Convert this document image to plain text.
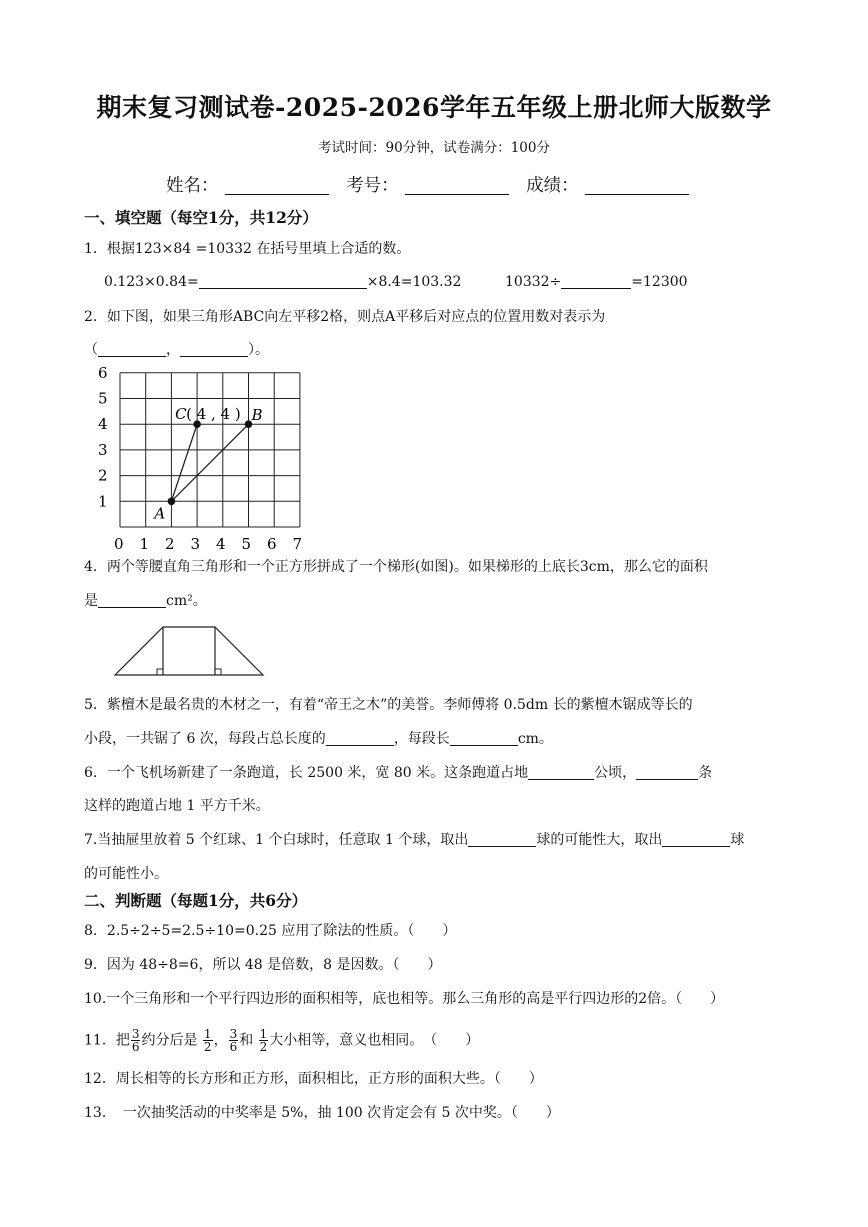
期末复习测试卷-2025-2026学年五年级上册北师大版数学
考试时间：90分钟，试卷满分：100分
姓名：	考号：	成绩：
一、填空题（每空1分，共12分）
1．根据123×84 =10332 在括号里填上合适的数。
0.123×0.84=	×8.4=103.32	10332÷	=12300
2．如下图，如果三角形ABC向左平移2格，则点A平移后对应点的位置用数对表示为
（	，	）。
1
2
3
4
5
6
0 1 2 3 4 5 6 7
A
B
C ( 4 , 4 )
4．两个等腰直角三角形和一个正方形拼成了一个梯形(如图)。如果梯形的上底长3cm，那么它的面积
是	cm²。
5．紫檀木是最名贵的木材之一，有着“帝王之木”的美誉。李师傅将 0.5dm 长的紫檀木锯成等长的
小段，一共锯了 6 次，每段占总长度的	，每段长	cm。
6．一个飞机场新建了一条跑道，长 2500 米，宽 80 米。这条跑道占地	公顷，	条
这样的跑道占地 1 平方千米。
7.当抽屉里放着 5 个红球、1 个白球时，任意取 1 个球，取出	球的可能性大，取出	球
的可能性小。
二、判断题（每题1分，共6分）
8．2.5÷2÷5=2.5÷10=0.25 应用了除法的性质。（　　）
9．因为 48÷8=6，所以 48 是倍数，8 是因数。（　　）
10.一个三角形和一个平行四边形的面积相等，底也相等。那么三角形的高是平行四边形的2倍。（　　）
11．把 $\frac{3}{6}$ 约分后是 $\frac{1}{2}$ ， $\frac{3}{6}$ 和 $\frac{1}{2}$ 大小相等，意义也相同。　（　　）
12．周长相等的长方形和正方形，面积相比，正方形的面积大些。（　　）
13．　一次抽奖活动的中奖率是 5%，抽 100 次肯定会有 5 次中奖。（　　）
